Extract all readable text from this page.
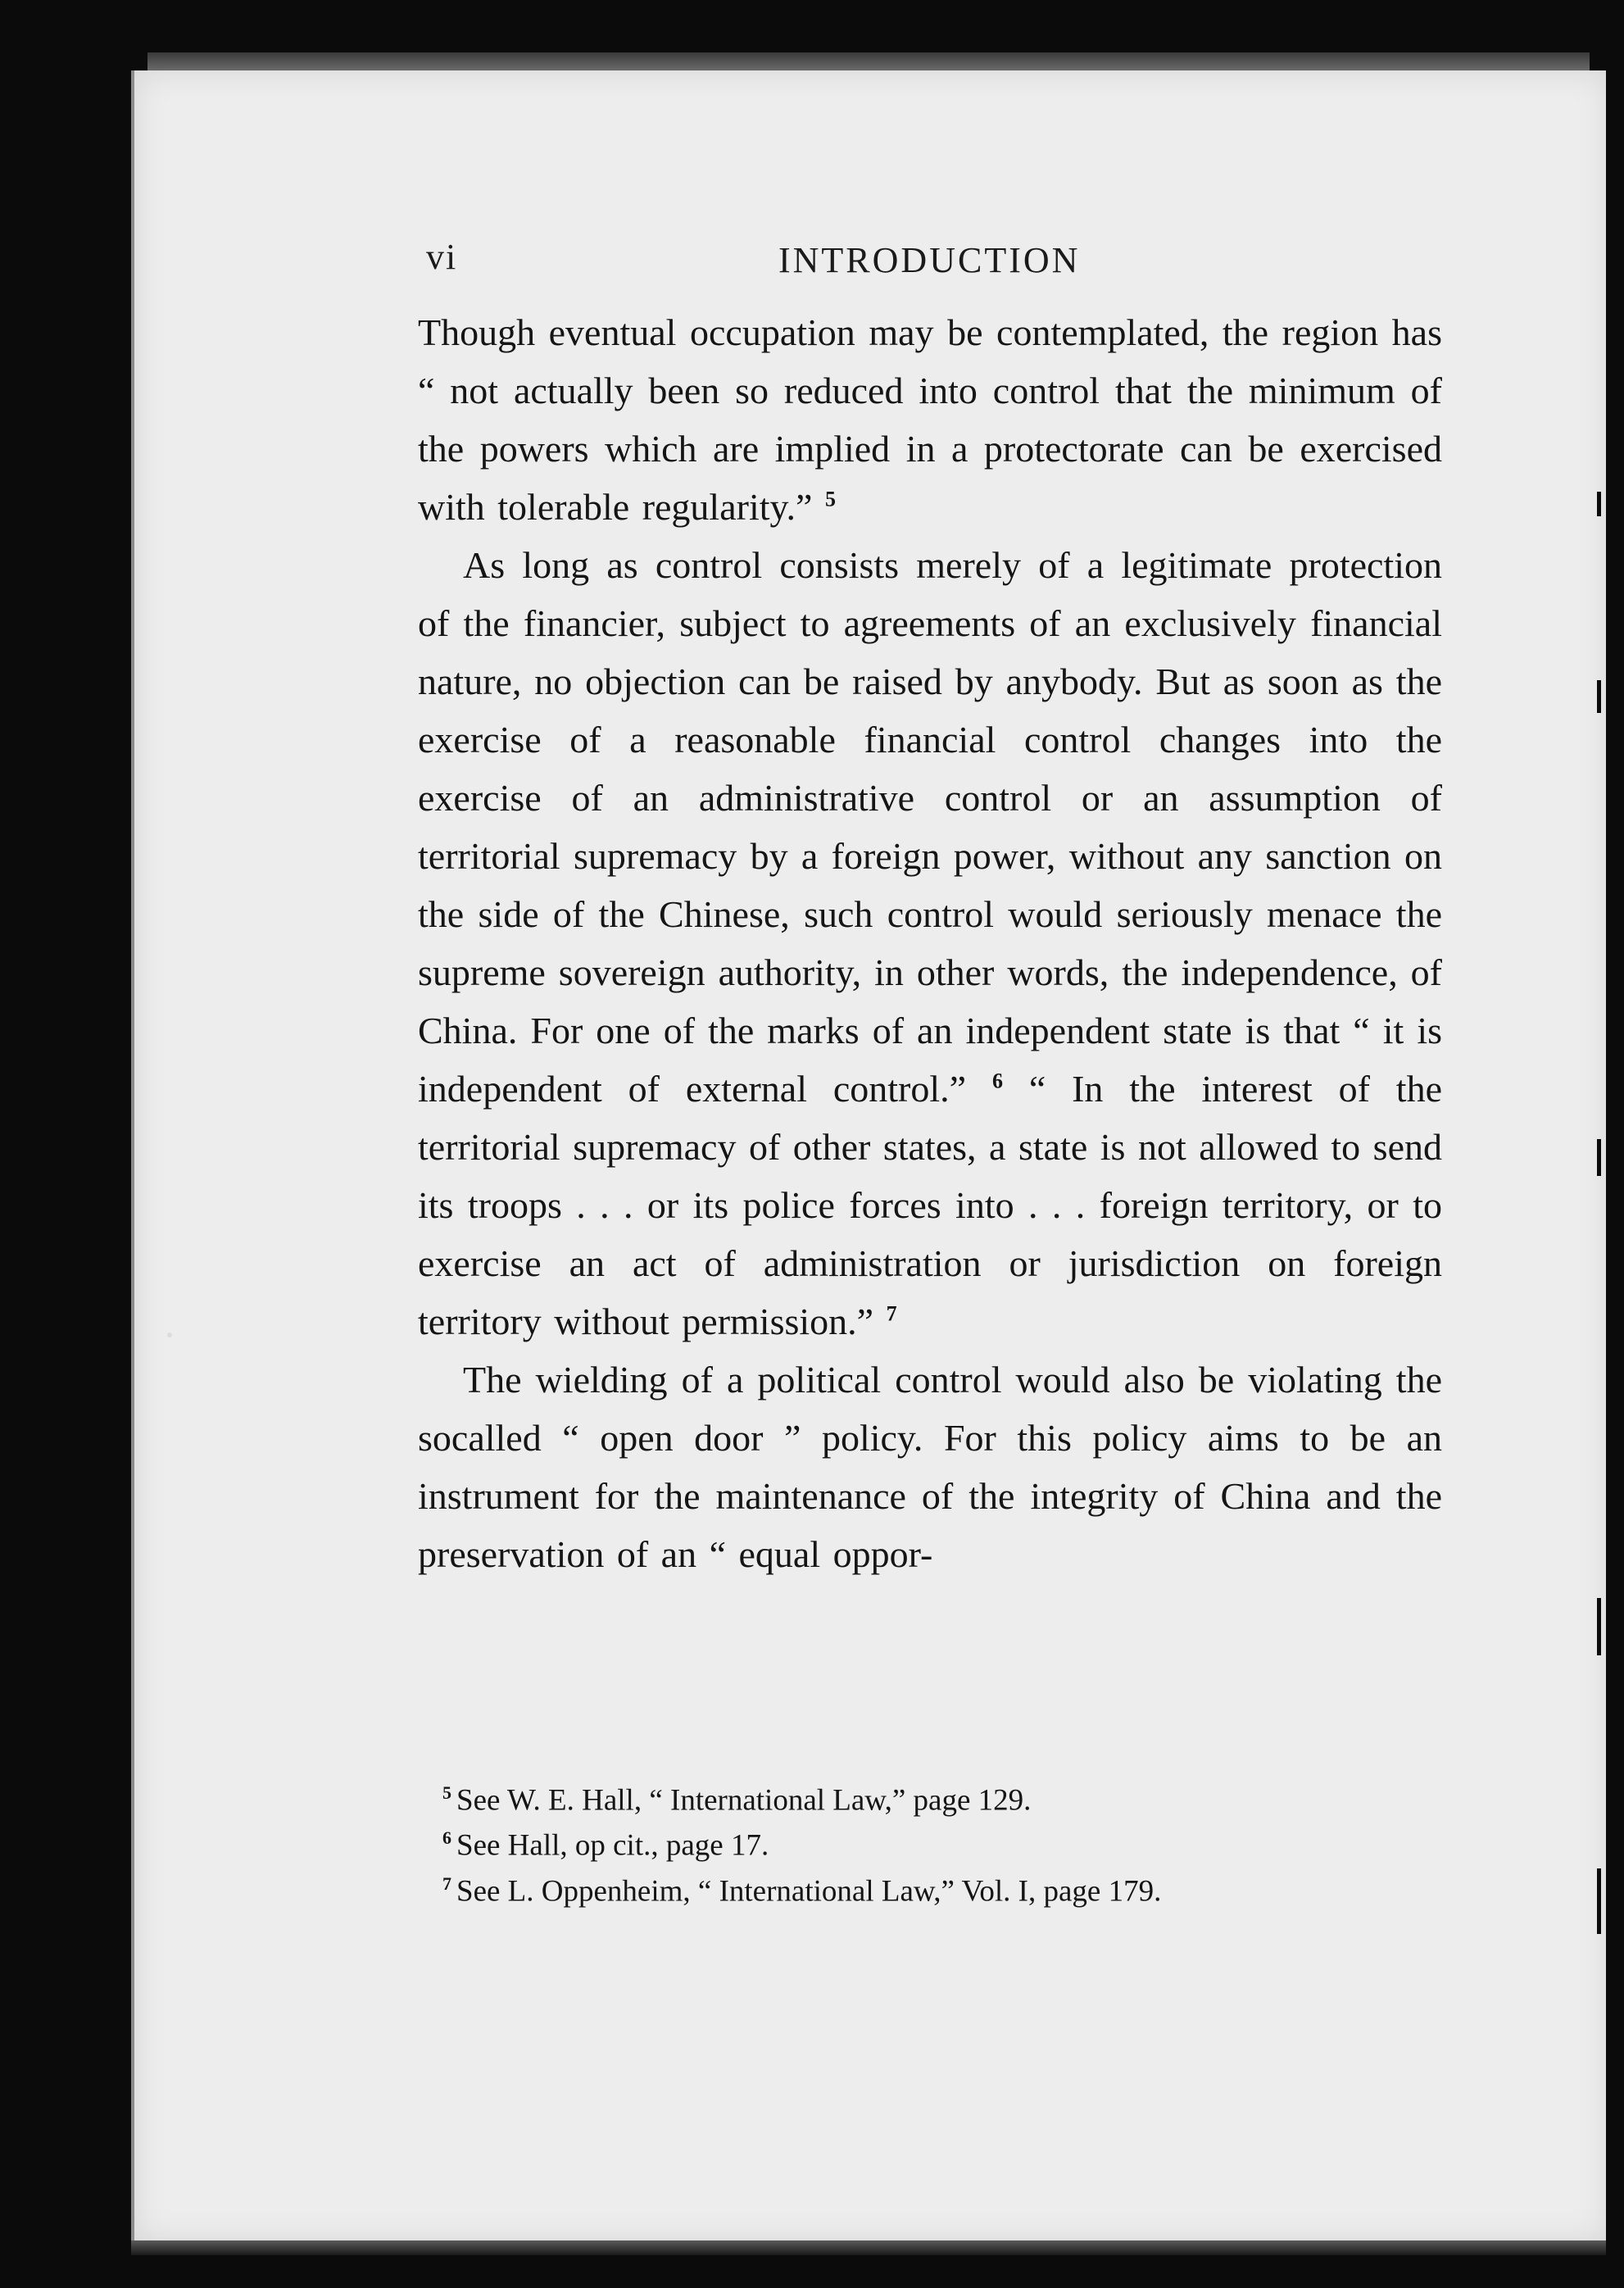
vi	INTRODUCTION

Though eventual occupation may be contemplated, the region has “ not actually been so reduced into control that the minimum of the powers which are implied in a protectorate can be exercised with tolerable regularity.” $^5$

As long as control consists merely of a legitimate protection of the financier, subject to agreements of an exclusively financial nature, no objection can be raised by anybody. But as soon as the exercise of a reasonable financial control changes into the exercise of an administrative control or an assumption of territorial supremacy by a foreign power, without any sanction on the side of the Chinese, such control would seriously menace the supreme sovereign authority, in other words, the independence, of China. For one of the marks of an independent state is that “ it is independent of external control.” $^6$ “ In the interest of the territorial supremacy of other states, a state is not allowed to send its troops . . . or its police forces into . . . foreign territory, or to exercise an act of administration or jurisdiction on foreign territory without permission.” $^7$

The wielding of a political control would also be violating the socalled “ open door ” policy. For this policy aims to be an instrument for the maintenance of the integrity of China and the preservation of an “ equal oppor-

$^5$ See W. E. Hall, “ International Law,” page 129.

$^6$ See Hall, op cit., page 17.

$^7$ See L. Oppenheim, “ International Law,” Vol. I, page 179.
